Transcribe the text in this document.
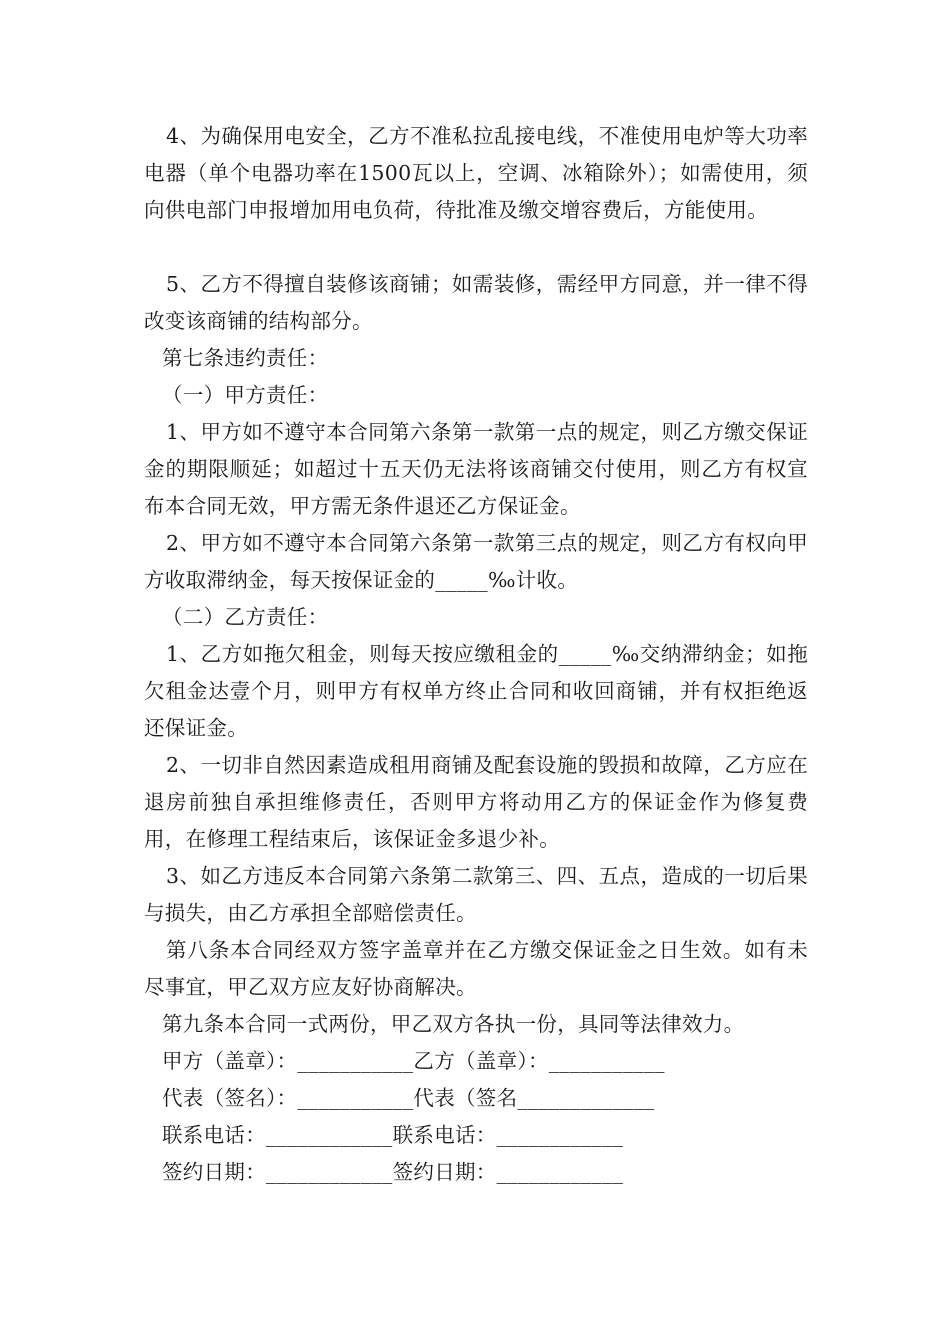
4、为确保用电安全，乙方不准私拉乱接电线，不准使用电炉等大功率电器（单个电器功率在1500瓦以上，空调、冰箱除外）；如需使用，须向供电部门申报增加用电负荷，待批准及缴交增容费后，方能使用。

5、乙方不得擅自装修该商铺；如需装修，需经甲方同意，并一律不得改变该商铺的结构部分。

第七条违约责任：

（一）甲方责任：

1、甲方如不遵守本合同第六条第一款第一点的规定，则乙方缴交保证金的期限顺延；如超过十五天仍无法将该商铺交付使用，则乙方有权宣布本合同无效，甲方需无条件退还乙方保证金。

2、甲方如不遵守本合同第六条第一款第三点的规定，则乙方有权向甲方收取滞纳金，每天按保证金的_____‰计收。

（二）乙方责任：

1、乙方如拖欠租金，则每天按应缴租金的_____‰交纳滞纳金；如拖欠租金达壹个月，则甲方有权单方终止合同和收回商铺，并有权拒绝返还保证金。

2、一切非自然因素造成租用商铺及配套设施的毁损和故障，乙方应在退房前独自承担维修责任，否则甲方将动用乙方的保证金作为修复费用，在修理工程结束后，该保证金多退少补。

3、如乙方违反本合同第六条第二款第三、四、五点，造成的一切后果与损失，由乙方承担全部赔偿责任。

第八条本合同经双方签字盖章并在乙方缴交保证金之日生效。如有未尽事宜，甲乙双方应友好协商解决。

第九条本合同一式两份，甲乙双方各执一份，具同等法律效力。

甲方（盖章）：___________乙方（盖章）：___________
代表（签名）：___________代表（签名_____________
联系电话：____________联系电话：____________
签约日期：____________签约日期：____________
